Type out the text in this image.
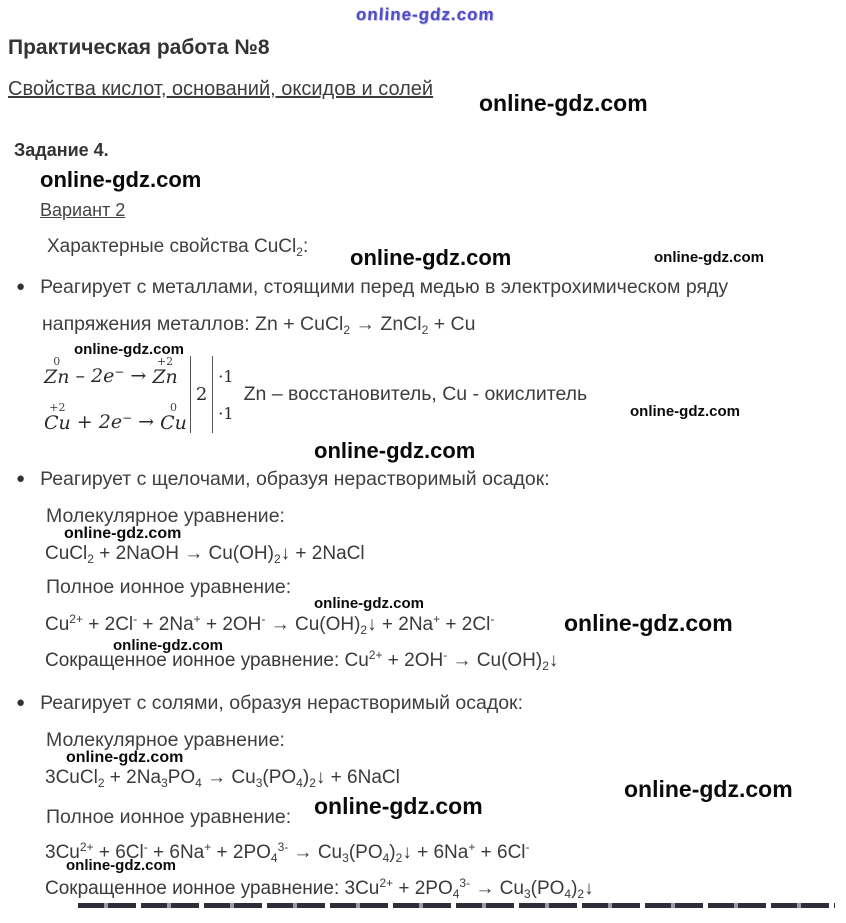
online-gdz.com
online-gdz.com
online-gdz.com
online-gdz.com	online-gdz.com
online-gdz.com
online-gdz.com
online-gdz.com
online-gdz.com
online-gdz.com
online-gdz.com
online-gdz.com
online-gdz.com
online-gdz.com
online-gdz.com
online-gdz.com
Практическая работа №8
Свойства кислот, оснований, оксидов и солей
Задание 4.
Вариант 2
Характерные свойства CuCl$_2$:
● Реагирует с металлами, стоящими перед медью в электрохимическом ряду
напряжения металлов: Zn + CuCl$_2$ → ZnCl$_2$ + Cu
0
Zn – 2e− →
+2
Zn
+2
Cu + 2e− →
0
Cu
2
·1
·1
Zn – восстановитель, Cu - окислитель
● Реагирует с щелочами, образуя нерастворимый осадок:
Молекулярное уравнение:
CuCl$_2$ + 2NaOH → $Cu(OH)_2↓$ + 2NaCl
Полное ионное уравнение:
$Cu^{2+} + 2Cl^- + 2Na^+ + 2OH^-$ → $Cu(OH)_2↓ + 2Na^+ + 2Cl^-$
Сокращенное ионное уравнение: $Cu^{2+} + 2OH^-$ → $Cu(OH)_2↓$
● Реагирует с солями, образуя нерастворимый осадок:
Молекулярное уравнение:
3CuCl$_2$ + $2Na_3PO_4$ → $Cu_3(PO_4)_2↓$ + 6NaCl
Полное ионное уравнение:
$3Cu^{2+} + 6Cl^- + 6Na^+ + 2PO_4^{3-}$ → $Cu_3(PO_4)_2↓ + 6Na^+ + 6Cl^-$
Сокращенное ионное уравнение: $3Cu^{2+} + 2PO_4^{3-}$ → $Cu_3(PO_4)_2↓$
